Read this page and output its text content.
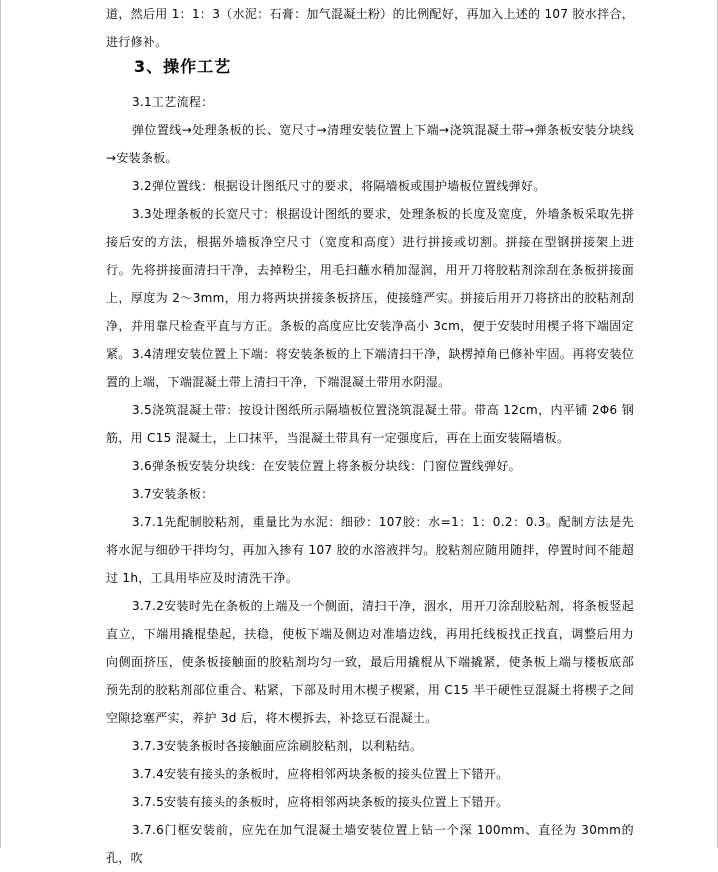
道，然后用 1：1：3（水泥：石膏：加气混凝土粉）的比例配好，再加入上述的 107 胶水拌合，进行修补。

3、操作工艺

3.1工艺流程：

弹位置线→处理条板的长、宽尺寸→清理安装位置上下端→浇筑混凝土带→弹条板安装分块线→安装条板。

3.2弹位置线：根据设计图纸尺寸的要求，将隔墙板或围护墙板位置线弹好。

3.3处理条板的长宽尺寸：根据设计图纸的要求，处理条板的长度及宽度，外墙条板采取先拼接后安的方法，根据外墙板净空尺寸（宽度和高度）进行拼接或切割。拼接在型钢拼接架上进行。先将拼接面清扫干净，去掉粉尘，用毛扫蘸水稍加湿润，用开刀将胶粘剂涂刮在条板拼接面上，厚度为 2～3mm，用力将两块拼接条板挤压，使接缝严实。拼接后用开刀将挤出的胶粘剂刮净，并用靠尺检查平直与方正。条板的高度应比安装净高小 3cm，便于安装时用楔子将下端固定紧。 3.4清理安装位置上下端：将安装条板的上下端清扫干净，缺楞掉角已修补牢固。再将安装位置的上端，下端混凝土带上清扫干净，下端混凝土带用水阴湿。

3.5浇筑混凝土带：按设计图纸所示隔墙板位置浇筑混凝土带。带高 12cm，内平铺 2Φ6 钢筋，用 C15 混凝土，上口抹平，当混凝土带具有一定强度后，再在上面安装隔墙板。

3.6弹条板安装分块线：在安装位置上将条板分块线：门窗位置线弹好。

3.7安装条板：

3.7.1先配制胶粘剂，重量比为水泥：细砂：107胶：水=1：1：0.2：0.3。配制方法是先将水泥与细砂干拌均匀，再加入掺有 107 胶的水溶液拌匀。胶粘剂应随用随拌，停置时间不能超过 1h，工具用毕应及时清洗干净。

3.7.2安装时先在条板的上端及一个侧面，清扫干净，洇水，用开刀涂刮胶粘剂，将条板竖起直立，下端用撬棍垫起，扶稳，使板下端及侧边对准墙边线，再用托线板找正找直，调整后用力向侧面挤压，使条板接触面的胶粘剂均匀一致，最后用撬棍从下端撬紧，使条板上端与楼板底部预先刮的胶粘剂部位重合、粘紧，下部及时用木楔子楔紧，用 C15 半干硬性豆混凝土将楔子之间空隙捻塞严实，养护 3d 后，将木楔拆去，补捻豆石混凝土。

3.7.3安装条板时各接触面应涂刷胶粘剂，以利粘结。

3.7.4安装有接头的条板时，应将相邻两块条板的接头位置上下错开。

3.7.5安装有接头的条板时，应将相邻两块条板的接头位置上下错开。

3.7.6门框安装前，应先在加气混凝土墙安装位置上钻一个深 100mm、直径为 30mm的孔，吹
